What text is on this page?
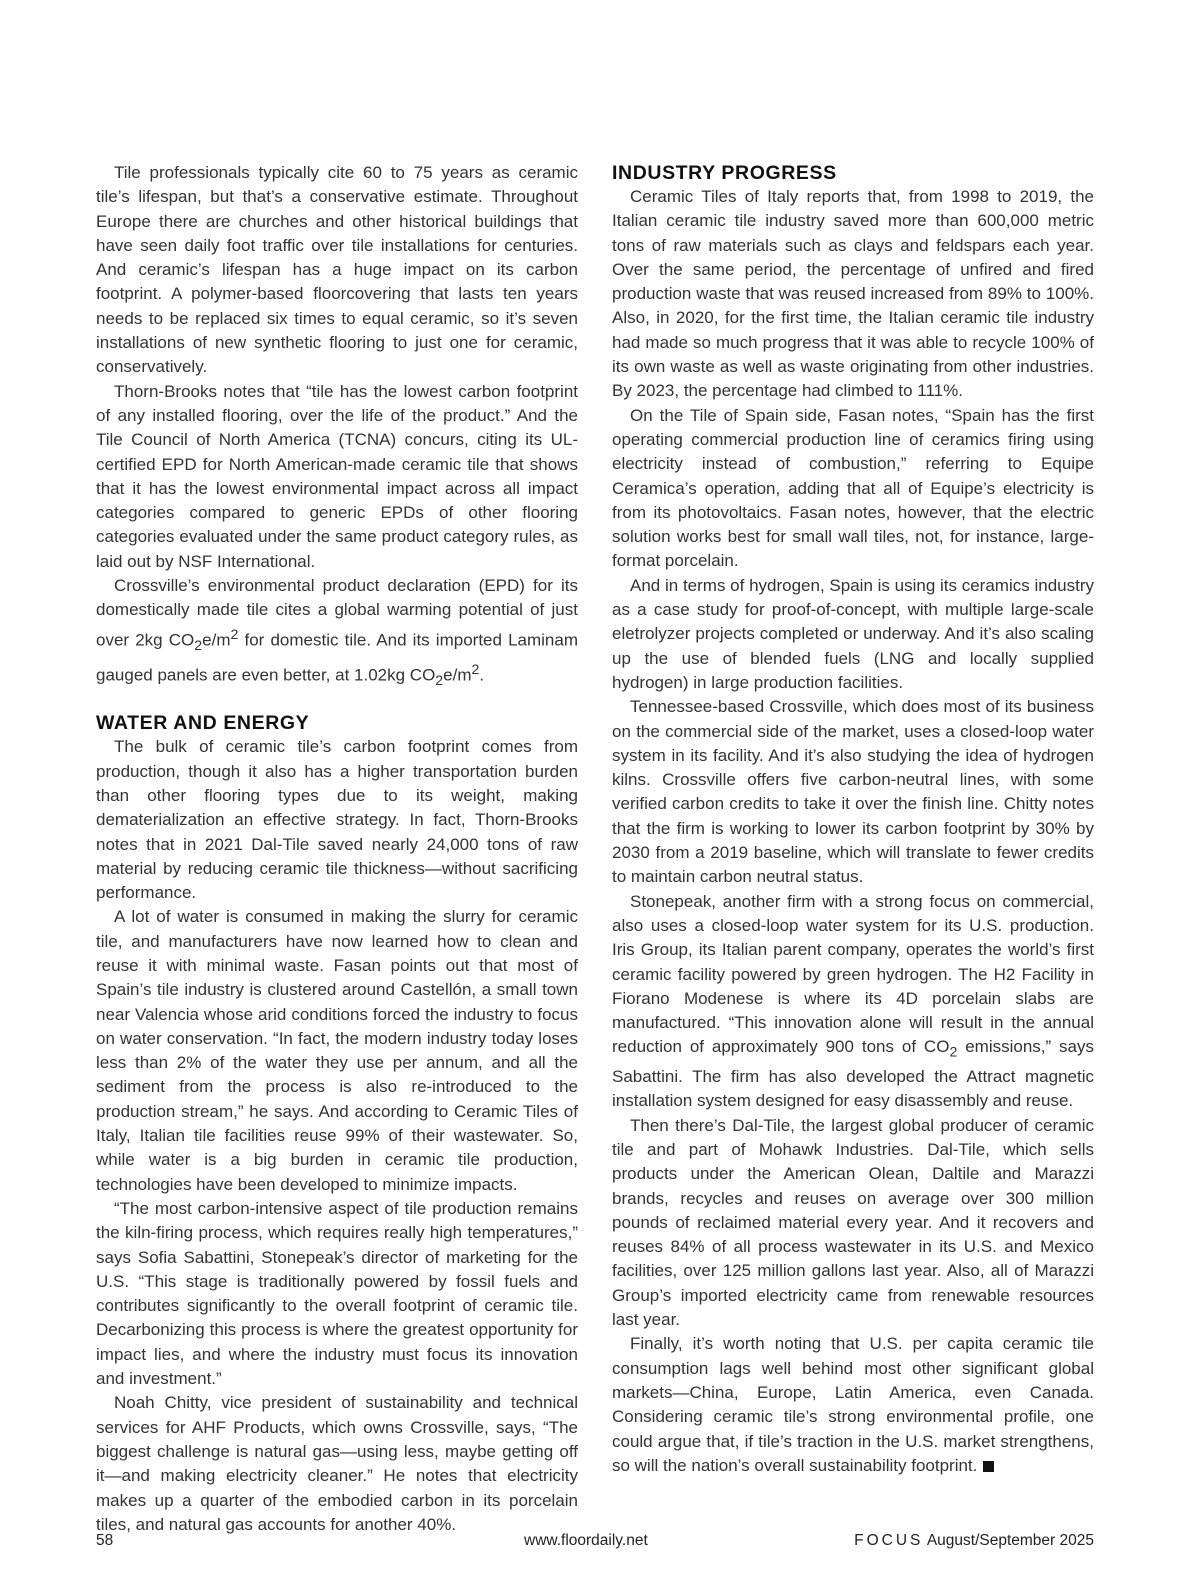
Tile professionals typically cite 60 to 75 years as ceramic tile’s lifespan, but that’s a conservative estimate. Throughout Europe there are churches and other historical buildings that have seen daily foot traffic over tile installations for centuries. And ceramic’s lifespan has a huge impact on its carbon footprint. A polymer-based floorcovering that lasts ten years needs to be replaced six times to equal ceramic, so it’s seven installations of new synthetic flooring to just one for ceramic, conservatively.

Thorn-Brooks notes that “tile has the lowest carbon footprint of any installed flooring, over the life of the product.” And the Tile Council of North America (TCNA) concurs, citing its UL-certified EPD for North American-made ceramic tile that shows that it has the lowest environmental impact across all impact categories compared to generic EPDs of other flooring categories evaluated under the same product category rules, as laid out by NSF International.

Crossville’s environmental product declaration (EPD) for its domestically made tile cites a global warming potential of just over 2kg $CO_2e/m^2$ for domestic tile. And its imported Laminam gauged panels are even better, at 1.02kg $CO_2e/m^2$.

WATER AND ENERGY

The bulk of ceramic tile’s carbon footprint comes from production, though it also has a higher transportation burden than other flooring types due to its weight, making dematerialization an effective strategy. In fact, Thorn-Brooks notes that in 2021 Dal-Tile saved nearly 24,000 tons of raw material by reducing ceramic tile thickness—without sacrificing performance.

A lot of water is consumed in making the slurry for ceramic tile, and manufacturers have now learned how to clean and reuse it with minimal waste. Fasan points out that most of Spain’s tile industry is clustered around Castellón, a small town near Valencia whose arid conditions forced the industry to focus on water conservation. “In fact, the modern industry today loses less than 2% of the water they use per annum, and all the sediment from the process is also re-introduced to the production stream,” he says. And according to Ceramic Tiles of Italy, Italian tile facilities reuse 99% of their wastewater. So, while water is a big burden in ceramic tile production, technologies have been developed to minimize impacts.

“The most carbon-intensive aspect of tile production remains the kiln-firing process, which requires really high temperatures,” says Sofia Sabattini, Stonepeak’s director of marketing for the U.S. “This stage is traditionally powered by fossil fuels and contributes significantly to the overall footprint of ceramic tile. Decarbonizing this process is where the greatest opportunity for impact lies, and where the industry must focus its innovation and investment.”

Noah Chitty, vice president of sustainability and technical services for AHF Products, which owns Crossville, says, “The biggest challenge is natural gas—using less, maybe getting off it—and making electricity cleaner.” He notes that electricity makes up a quarter of the embodied carbon in its porcelain tiles, and natural gas accounts for another 40%.

INDUSTRY PROGRESS

Ceramic Tiles of Italy reports that, from 1998 to 2019, the Italian ceramic tile industry saved more than 600,000 metric tons of raw materials such as clays and feldspars each year. Over the same period, the percentage of unfired and fired production waste that was reused increased from 89% to 100%. Also, in 2020, for the first time, the Italian ceramic tile industry had made so much progress that it was able to recycle 100% of its own waste as well as waste originating from other industries. By 2023, the percentage had climbed to 111%.

On the Tile of Spain side, Fasan notes, “Spain has the first operating commercial production line of ceramics firing using electricity instead of combustion,” referring to Equipe Ceramica’s operation, adding that all of Equipe’s electricity is from its photovoltaics. Fasan notes, however, that the electric solution works best for small wall tiles, not, for instance, large-format porcelain.

And in terms of hydrogen, Spain is using its ceramics industry as a case study for proof-of-concept, with multiple large-scale eletrolyzer projects completed or underway. And it’s also scaling up the use of blended fuels (LNG and locally supplied hydrogen) in large production facilities.

Tennessee-based Crossville, which does most of its business on the commercial side of the market, uses a closed-loop water system in its facility. And it’s also studying the idea of hydrogen kilns. Crossville offers five carbon-neutral lines, with some verified carbon credits to take it over the finish line. Chitty notes that the firm is working to lower its carbon footprint by 30% by 2030 from a 2019 baseline, which will translate to fewer credits to maintain carbon neutral status.

Stonepeak, another firm with a strong focus on commercial, also uses a closed-loop water system for its U.S. production. Iris Group, its Italian parent company, operates the world’s first ceramic facility powered by green hydrogen. The H2 Facility in Fiorano Modenese is where its 4D porcelain slabs are manufactured. “This innovation alone will result in the annual reduction of approximately 900 tons of $CO_2$ emissions,” says Sabattini. The firm has also developed the Attract magnetic installation system designed for easy disassembly and reuse.

Then there’s Dal-Tile, the largest global producer of ceramic tile and part of Mohawk Industries. Dal-Tile, which sells products under the American Olean, Daltile and Marazzi brands, recycles and reuses on average over 300 million pounds of reclaimed material every year. And it recovers and reuses 84% of all process wastewater in its U.S. and Mexico facilities, over 125 million gallons last year. Also, all of Marazzi Group’s imported electricity came from renewable resources last year.

Finally, it’s worth noting that U.S. per capita ceramic tile consumption lags well behind most other significant global markets—China, Europe, Latin America, even Canada. Considering ceramic tile’s strong environmental profile, one could argue that, if tile’s traction in the U.S. market strengthens, so will the nation’s overall sustainability footprint.

58	www.floordaily.net	FOCUS August/September 2025
